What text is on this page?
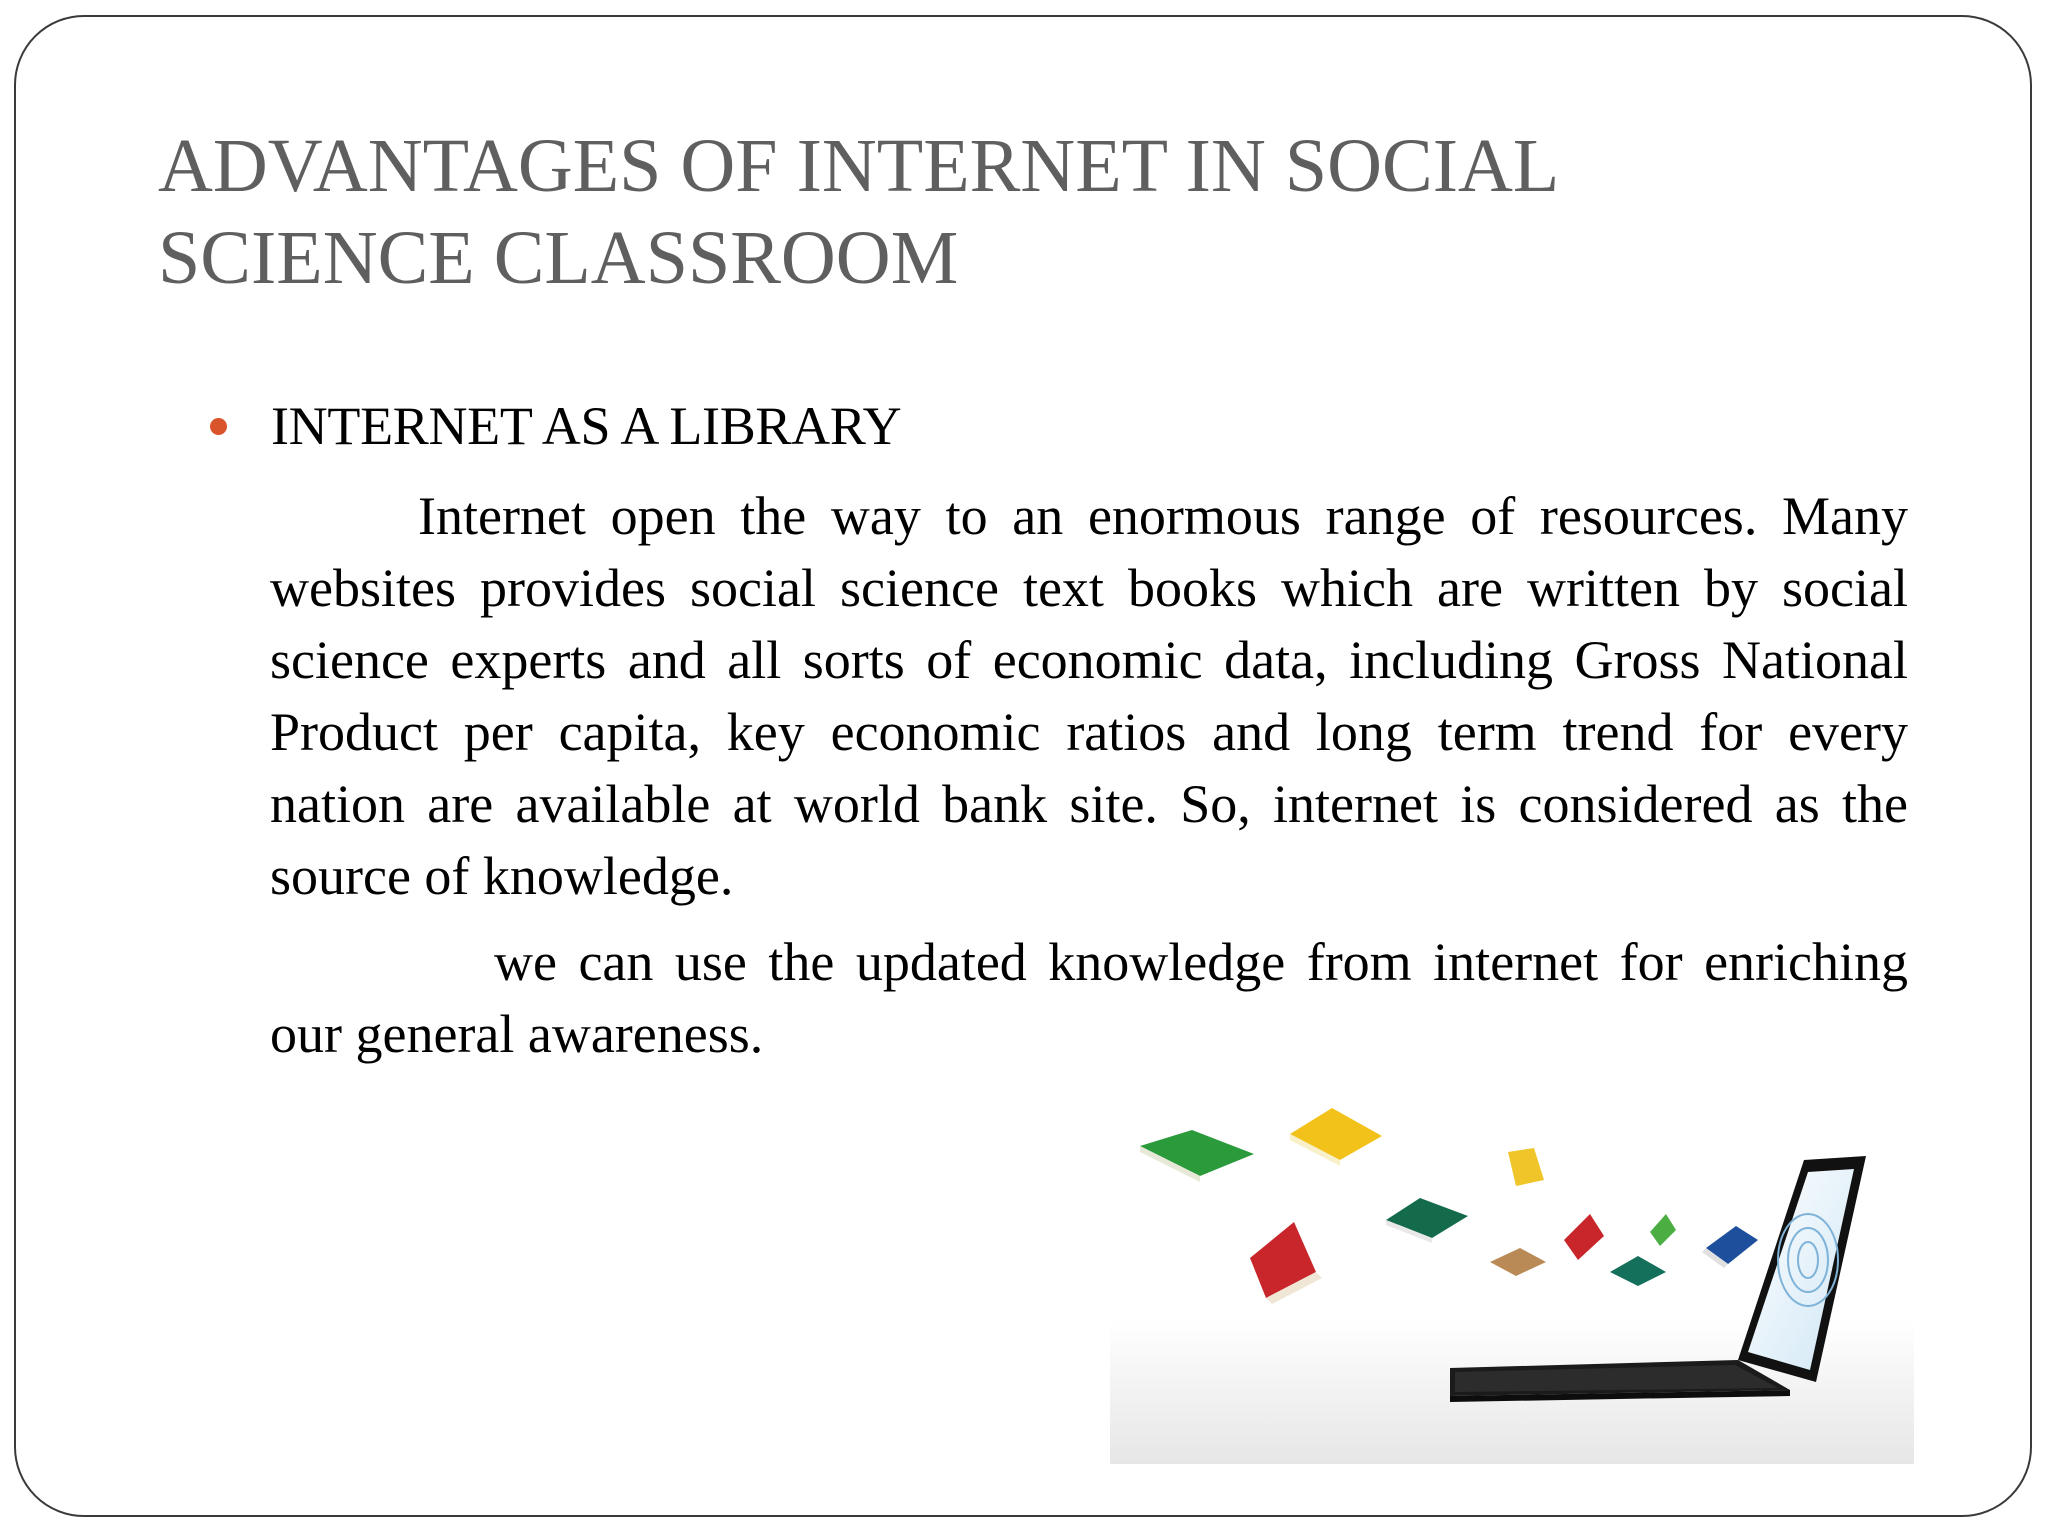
ADVANTAGES OF INTERNET IN SOCIAL
SCIENCE CLASSROOM
INTERNET AS A LIBRARY

Internet open the way to an enormous range of resources. Many websites provides social science text books which are written by social science experts and all sorts of economic data, including Gross National Product per capita, key economic ratios and long term trend for every nation are available at world bank site. So, internet is considered as the source of knowledge.

we can use the updated knowledge from internet for enriching our general awareness.
